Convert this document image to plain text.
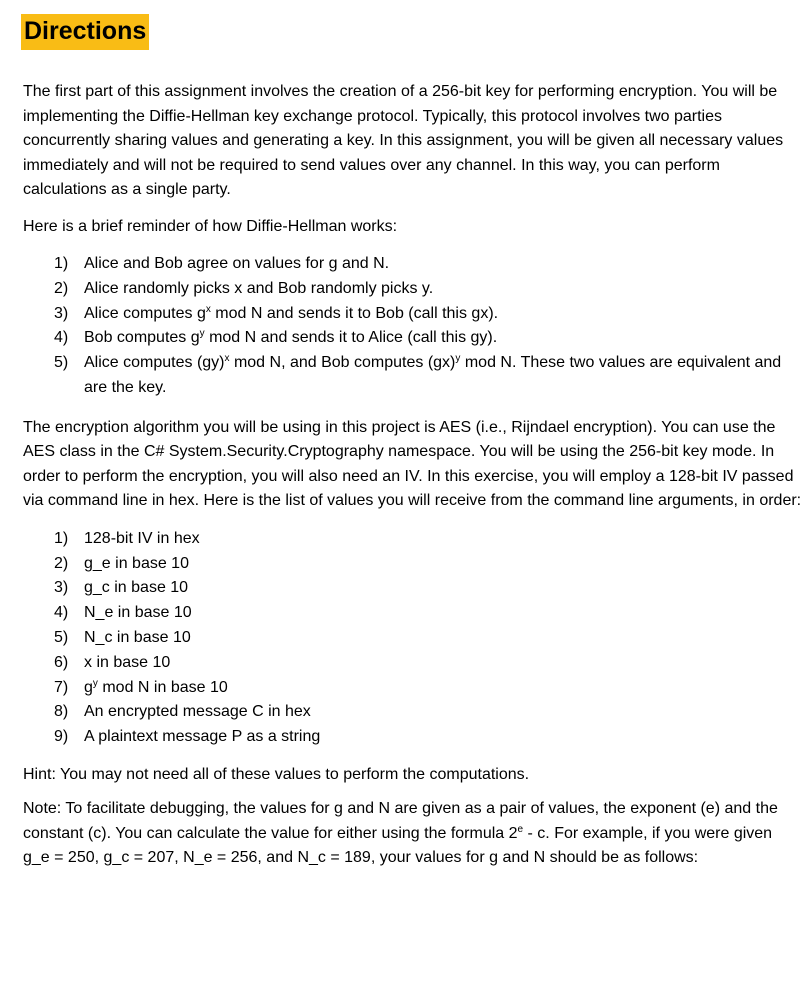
Directions

The first part of this assignment involves the creation of a 256-bit key for performing encryption. You will be implementing the Diffie-Hellman key exchange protocol. Typically, this protocol involves two parties concurrently sharing values and generating a key. In this assignment, you will be given all necessary values immediately and will not be required to send values over any channel. In this way, you can perform calculations as a single party.

Here is a brief reminder of how Diffie-Hellman works:

1) Alice and Bob agree on values for g and N.
2) Alice randomly picks x and Bob randomly picks y.
3) Alice computes $g^x$ mod N and sends it to Bob (call this gx).
4) Bob computes $g^y$ mod N and sends it to Alice (call this gy).
5) Alice computes (gy)$^x$ mod N, and Bob computes (gx)$^y$ mod N. These two values are equivalent and are the key.

The encryption algorithm you will be using in this project is AES (i.e., Rijndael encryption). You can use the AES class in the C# System.Security.Cryptography namespace. You will be using the 256-bit key mode. In order to perform the encryption, you will also need an IV. In this exercise, you will employ a 128-bit IV passed via command line in hex. Here is the list of values you will receive from the command line arguments, in order:

1) 128-bit IV in hex
2) g_e in base 10
3) g_c in base 10
4) N_e in base 10
5) N_c in base 10
6) x in base 10
7) $g^y$ mod N in base 10
8) An encrypted message C in hex
9) A plaintext message P as a string

Hint: You may not need all of these values to perform the computations.

Note: To facilitate debugging, the values for g and N are given as a pair of values, the exponent (e) and the constant (c). You can calculate the value for either using the formula 2e - c. For example, if you were given g_e = 250, g_c = 207, N_e = 256, and N_c = 189, your values for g and N should be as follows:
